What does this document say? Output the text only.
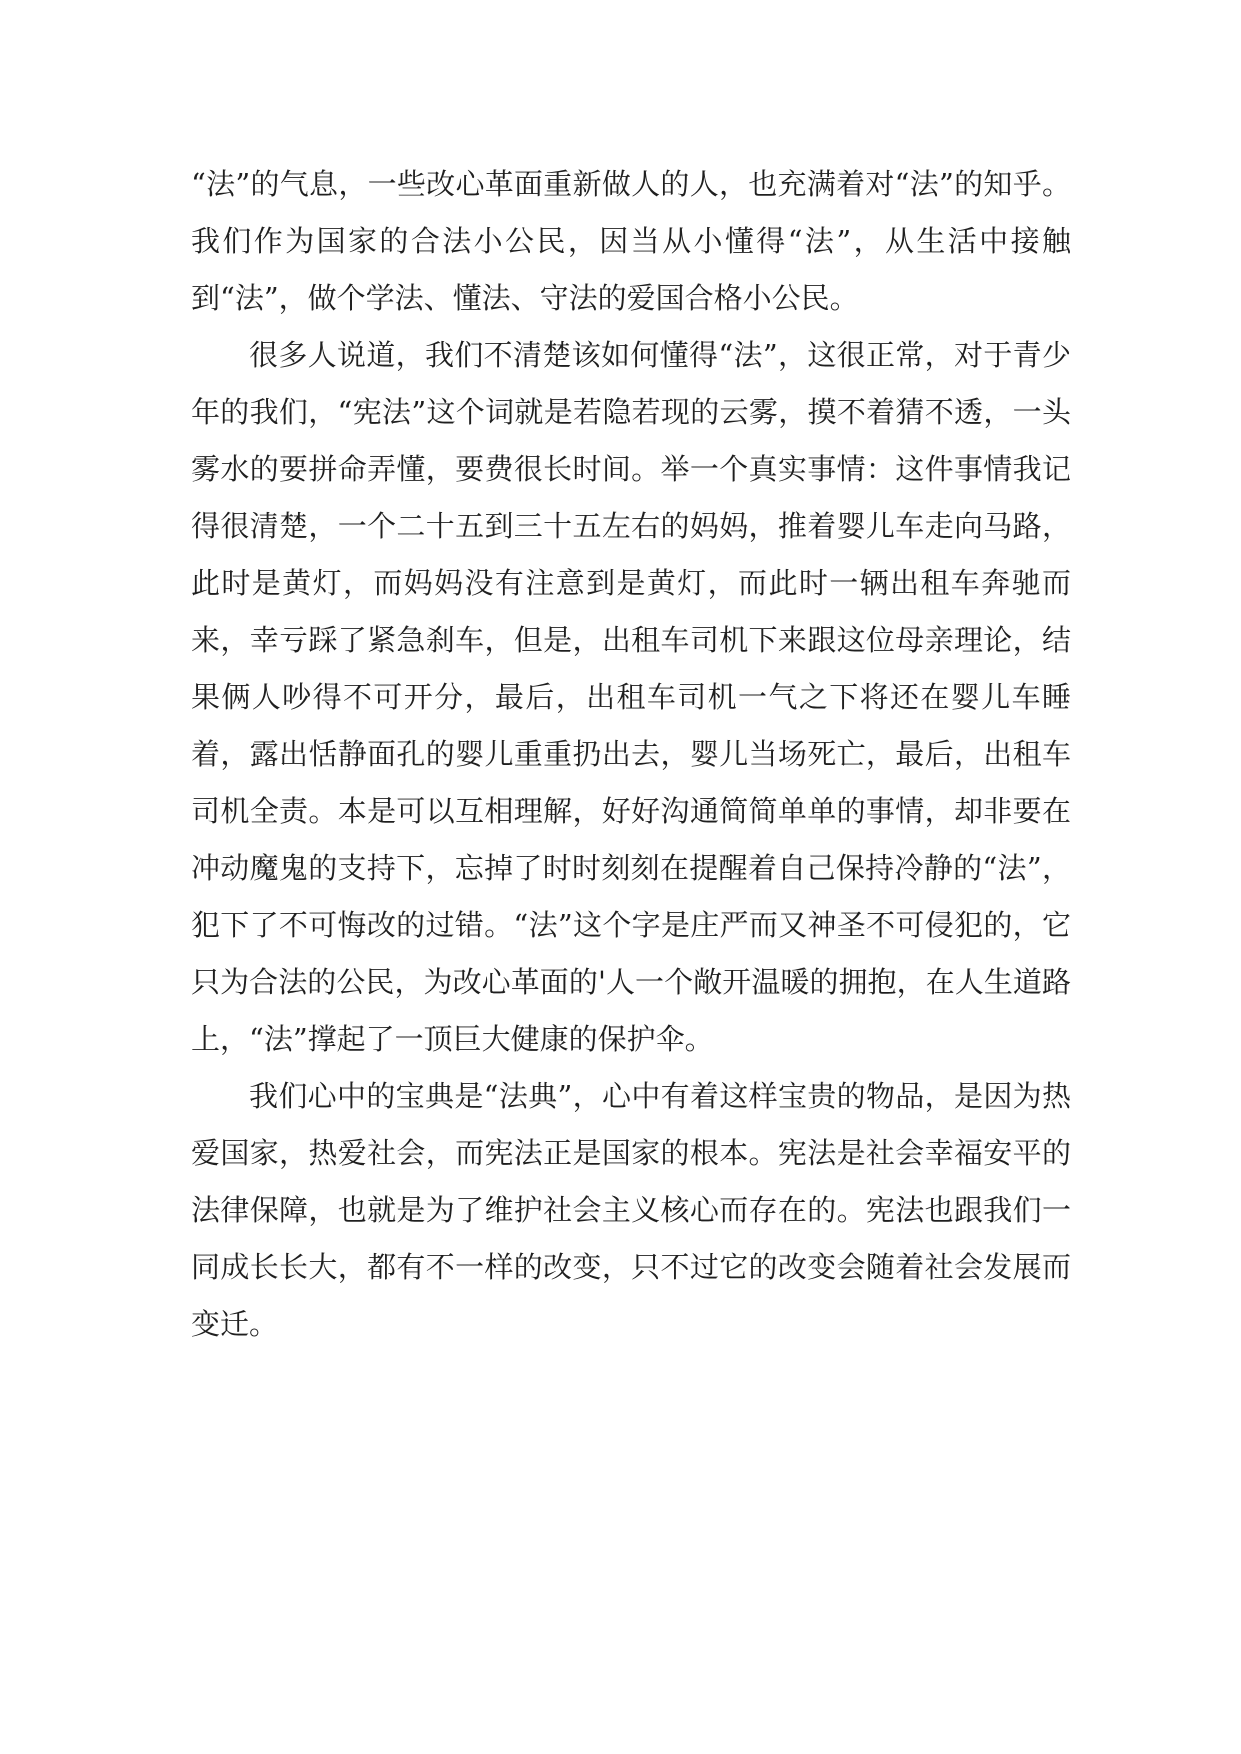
“法”的气息，一些改心革面重新做人的人，也充满着对“法”的知乎。我们作为国家的合法小公民，因当从小懂得“法”，从生活中接触到“法”，做个学法、懂法、守法的爱国合格小公民。

很多人说道，我们不清楚该如何懂得“法”，这很正常，对于青少年的我们，“宪法”这个词就是若隐若现的云雾，摸不着猜不透，一头雾水的要拼命弄懂，要费很长时间。举一个真实事情：这件事情我记得很清楚，一个二十五到三十五左右的妈妈，推着婴儿车走向马路，此时是黄灯，而妈妈没有注意到是黄灯，而此时一辆出租车奔驰而来，幸亏踩了紧急刹车，但是，出租车司机下来跟这位母亲理论，结果俩人吵得不可开分，最后，出租车司机一气之下将还在婴儿车睡着，露出恬静面孔的婴儿重重扔出去，婴儿当场死亡，最后，出租车司机全责。本是可以互相理解，好好沟通简简单单的事情，却非要在冲动魔鬼的支持下，忘掉了时时刻刻在提醒着自己保持冷静的“法”，犯下了不可悔改的过错。“法”这个字是庄严而又神圣不可侵犯的，它只为合法的公民，为改心革面的'人一个敞开温暖的拥抱，在人生道路上，“法”撑起了一顶巨大健康的保护伞。

我们心中的宝典是“法典”，心中有着这样宝贵的物品，是因为热爱国家，热爱社会，而宪法正是国家的根本。宪法是社会幸福安平的法律保障，也就是为了维护社会主义核心而存在的。宪法也跟我们一同成长长大，都有不一样的改变，只不过它的改变会随着社会发展而变迁。
